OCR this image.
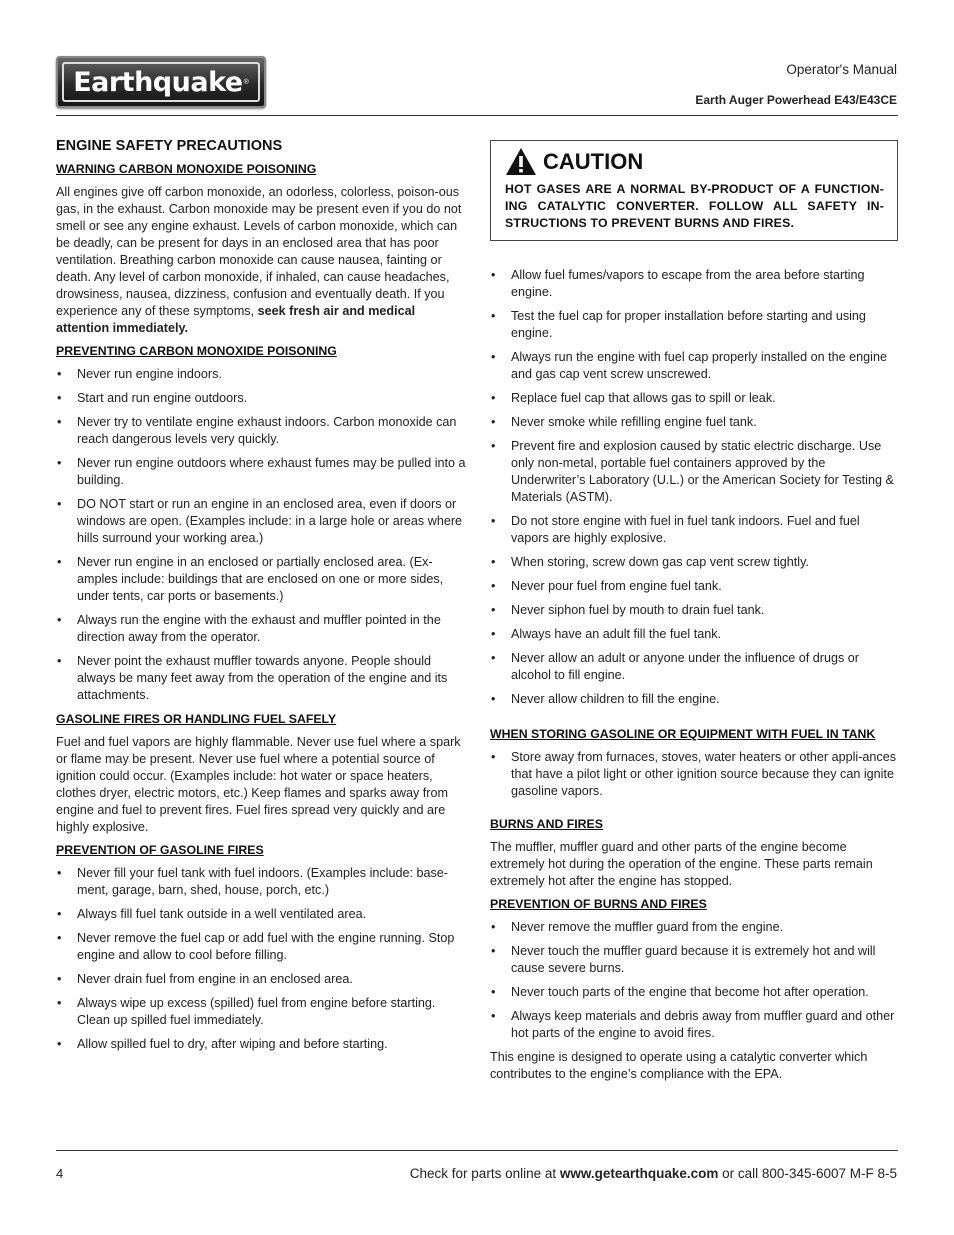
Earthquake ®
Operator's Manual
Earth Auger Powerhead E43/E43CE
ENGINE SAFETY PRECAUTIONS
WARNING CARBON MONOXIDE POISONING

All engines give off carbon monoxide, an odorless, colorless, poison-ous gas, in the exhaust. Carbon monoxide may be present even if you do not smell or see any engine exhaust. Levels of carbon monoxide, which can be deadly, can be present for days in an enclosed area that has poor ventilation. Breathing carbon monoxide can cause nausea, fainting or death. Any level of carbon monoxide, if inhaled, can cause headaches, drowsiness, nausea, dizziness, confusion and eventually death. If you experience any of these symptoms, seek fresh air and medical attention immediately.

PREVENTING CARBON MONOXIDE POISONING
• Never run engine indoors.
• Start and run engine outdoors.
• Never try to ventilate engine exhaust indoors. Carbon monoxide can reach dangerous levels very quickly.
• Never run engine outdoors where exhaust fumes may be pulled into a building.
• DO NOT start or run an engine in an enclosed area, even if doors or windows are open. (Examples include: in a large hole or areas where hills surround your working area.)
• Never run engine in an enclosed or partially enclosed area. (Ex-amples include: buildings that are enclosed on one or more sides, under tents, car ports or basements.)
• Always run the engine with the exhaust and muffler pointed in the direction away from the operator.
• Never point the exhaust muffler towards anyone. People should always be many feet away from the operation of the engine and its attachments.
GASOLINE FIRES OR HANDLING FUEL SAFELY

Fuel and fuel vapors are highly flammable. Never use fuel where a spark or flame may be present. Never use fuel where a potential source of ignition could occur. (Examples include: hot water or space heaters, clothes dryer, electric motors, etc.) Keep flames and sparks away from engine and fuel to prevent fires. Fuel fires spread very quickly and are highly explosive.

PREVENTION OF GASOLINE FIRES
• Never fill your fuel tank with fuel indoors. (Examples include: base-ment, garage, barn, shed, house, porch, etc.)
• Always fill fuel tank outside in a well ventilated area.
• Never remove the fuel cap or add fuel with the engine running. Stop engine and allow to cool before filling.
• Never drain fuel from engine in an enclosed area.
• Always wipe up excess (spilled) fuel from engine before starting. Clean up spilled fuel immediately.
• Allow spilled fuel to dry, after wiping and before starting.
CAUTION
HOT GASES ARE A NORMAL BY-PRODUCT OF A FUNCTION-ING CATALYTIC CONVERTER. FOLLOW ALL SAFETY IN-STRUCTIONS TO PREVENT BURNS AND FIRES.
• Allow fuel fumes/vapors to escape from the area before starting engine.
• Test the fuel cap for proper installation before starting and using engine.
• Always run the engine with fuel cap properly installed on the engine and gas cap vent screw unscrewed.
• Replace fuel cap that allows gas to spill or leak.
• Never smoke while refilling engine fuel tank.
• Prevent fire and explosion caused by static electric discharge. Use only non-metal, portable fuel containers approved by the Underwriter’s Laboratory (U.L.) or the American Society for Testing & Materials (ASTM).
• Do not store engine with fuel in fuel tank indoors. Fuel and fuel vapors are highly explosive.
• When storing, screw down gas cap vent screw tightly.
• Never pour fuel from engine fuel tank.
• Never siphon fuel by mouth to drain fuel tank.
• Always have an adult fill the fuel tank.
• Never allow an adult or anyone under the influence of drugs or alcohol to fill engine.
• Never allow children to fill the engine.
WHEN STORING GASOLINE OR EQUIPMENT WITH FUEL IN TANK
• Store away from furnaces, stoves, water heaters or other appli-ances that have a pilot light or other ignition source because they can ignite gasoline vapors.
BURNS AND FIRES

The muffler, muffler guard and other parts of the engine become extremely hot during the operation of the engine. These parts remain extremely hot after the engine has stopped.

PREVENTION OF BURNS AND FIRES
• Never remove the muffler guard from the engine.
• Never touch the muffler guard because it is extremely hot and will cause severe burns.
• Never touch parts of the engine that become hot after operation.
• Always keep materials and debris away from muffler guard and other hot parts of the engine to avoid fires.

This engine is designed to operate using a catalytic converter which contributes to the engine’s compliance with the EPA.

4	Check for parts online at www.getearthquake.com or call 800-345-6007 M-F 8-5
